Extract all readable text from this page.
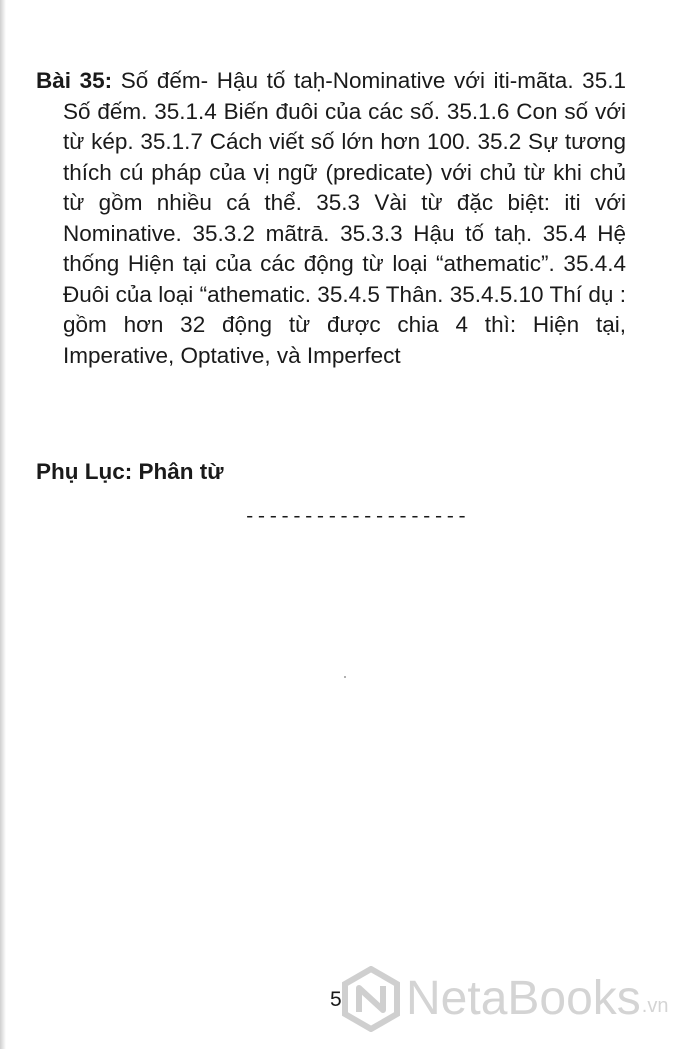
Bài 35: Số đếm- Hậu tố taḥ-Nominative với iti-mãta. 35.1 Số đếm. 35.1.4 Biến đuôi của các số. 35.1.6 Con số với từ kép. 35.1.7 Cách viết số lớn hơn 100. 35.2 Sự tương thích cú pháp của vị ngữ (predicate) với chủ từ khi chủ từ gồm nhiều cá thể. 35.3 Vài từ đặc biệt: iti với Nominative. 35.3.2 mãtrā. 35.3.3 Hậu tố taḥ. 35.4 Hệ thống Hiện tại của các động từ loại “athematic”. 35.4.4 Đuôi của loại “athematic. 35.4.5 Thân. 35.4.5.10 Thí dụ : gồm hơn 32 động từ được chia 4 thì: Hiện tại, Imperative, Optative, và Imperfect
Phụ Lục: Phân từ
-------------------
5 NetaBooks .vn
